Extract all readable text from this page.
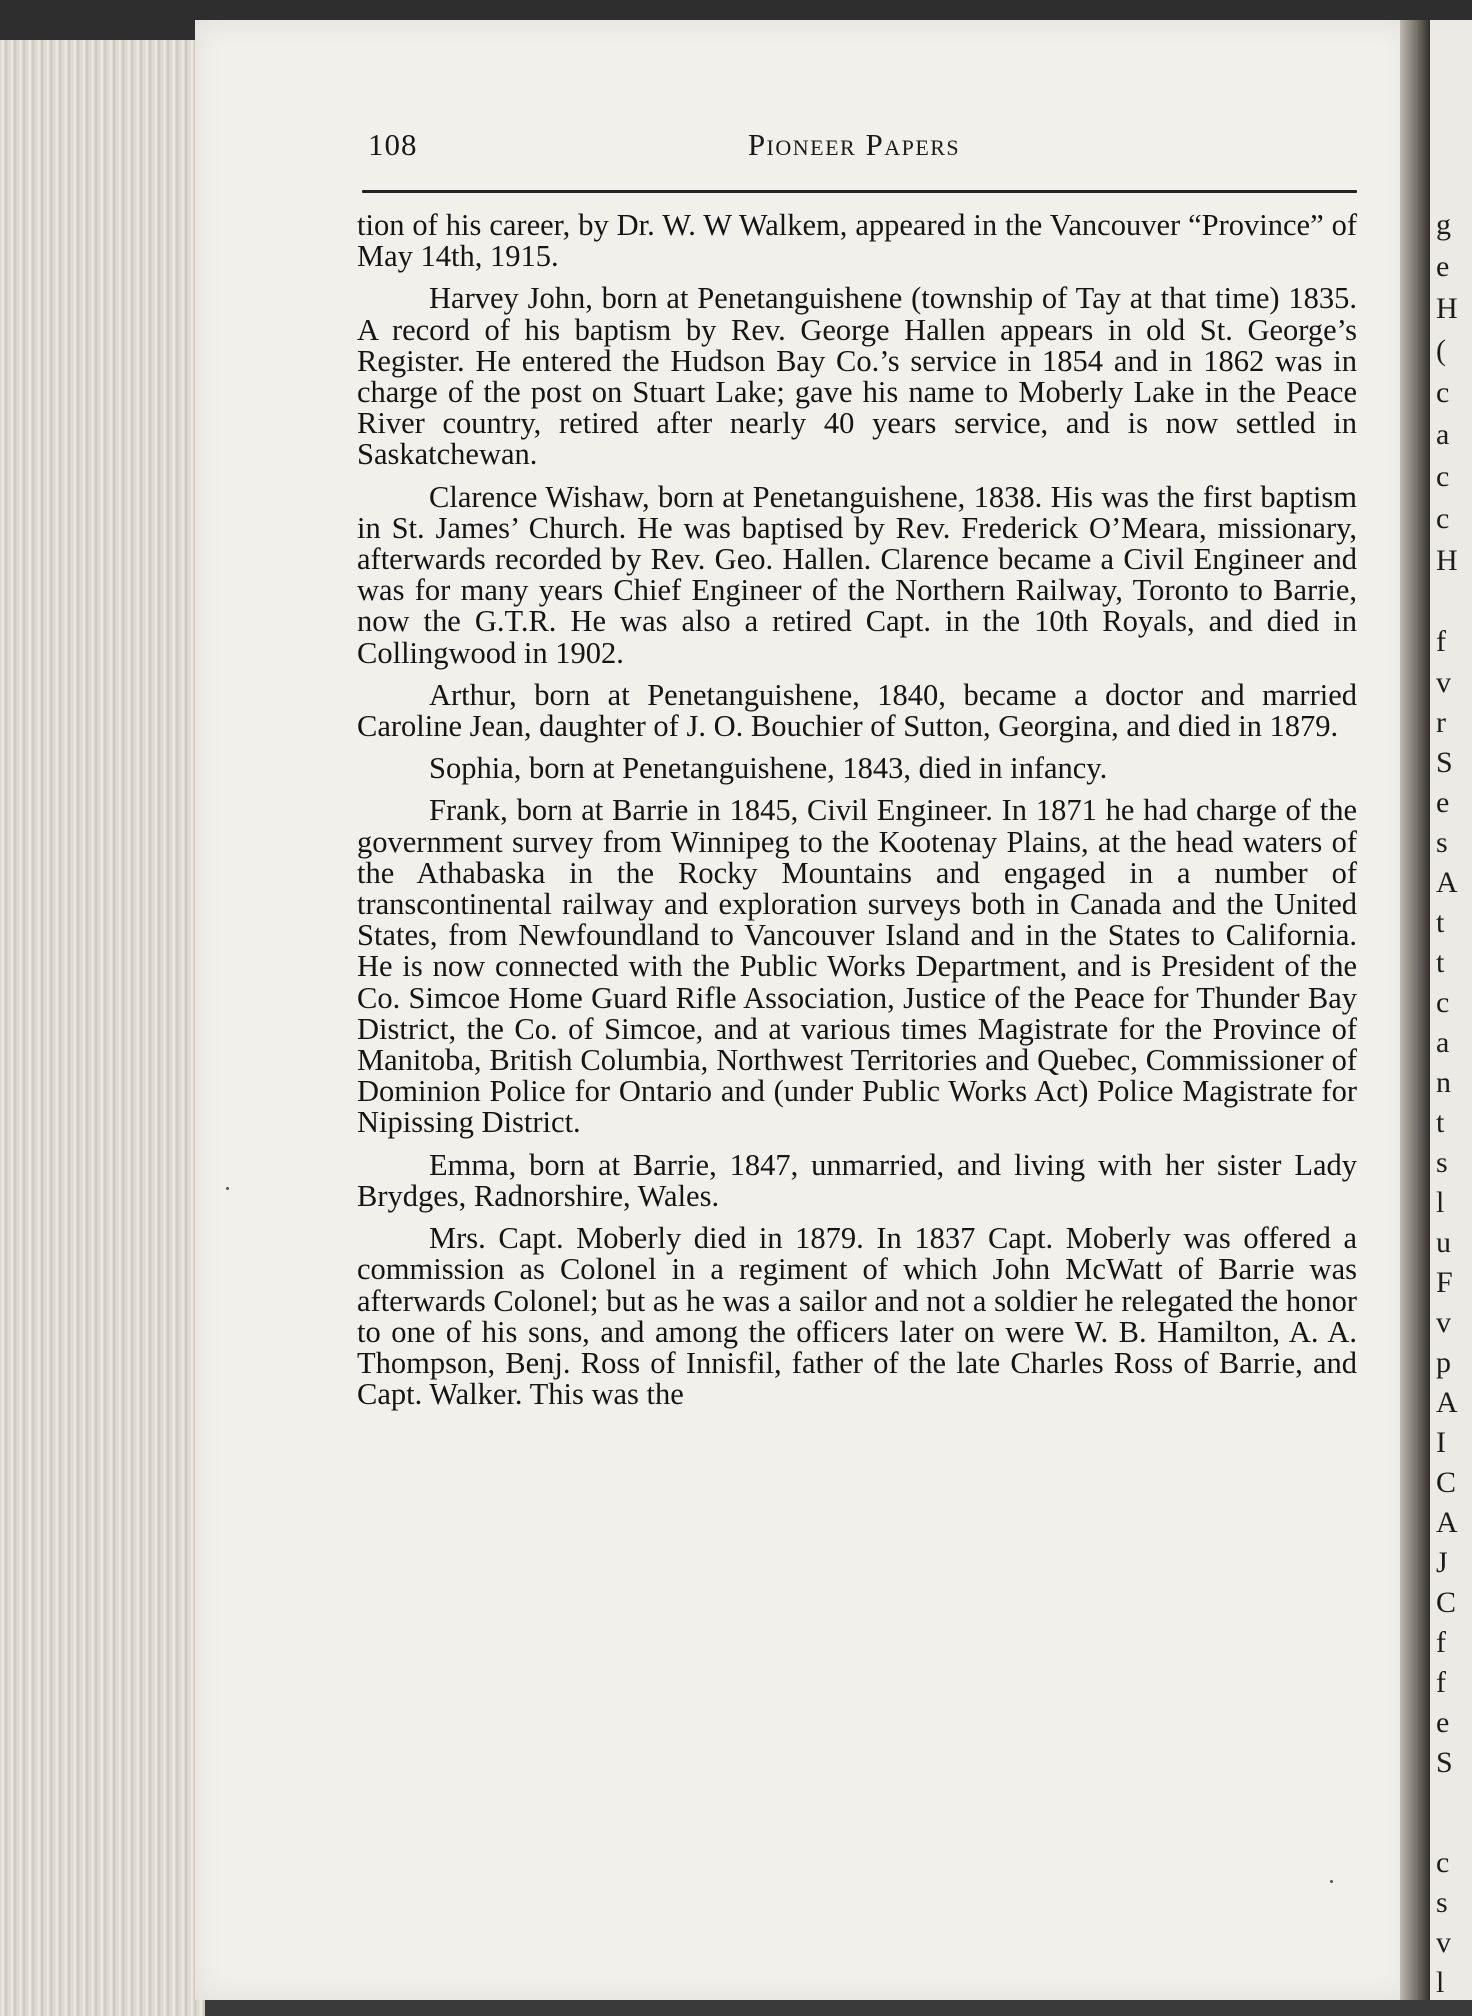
g
e
H
(
c
a
c
c
H
f
v
r
S
e
s
A
t
t
c
a
n
t
s
l
u
F
v
p
A
I
C
A
J
C
f
f
e
S
c
s
v
l
108	Pioneer Papers

tion of his career, by Dr. W. W Walkem, appeared in the Vancouver “Province” of May 14th, 1915.

Harvey John, born at Penetanguishene (township of Tay at that time) 1835. A record of his baptism by Rev. George Hallen appears in old St. George’s Register. He entered the Hudson Bay Co.’s service in 1854 and in 1862 was in charge of the post on Stuart Lake; gave his name to Moberly Lake in the Peace River country, retired after nearly 40 years service, and is now settled in Saskatchewan.

Clarence Wishaw, born at Penetanguishene, 1838. His was the first baptism in St. James’ Church. He was baptised by Rev. Frederick O’Meara, missionary, afterwards recorded by Rev. Geo. Hallen. Clarence became a Civil Engineer and was for many years Chief Engineer of the Northern Railway, Toronto to Barrie, now the G.T.R. He was also a retired Capt. in the 10th Royals, and died in Collingwood in 1902.

Arthur, born at Penetanguishene, 1840, became a doctor and married Caroline Jean, daughter of J. O. Bouchier of Sutton, Georgina, and died in 1879.

Sophia, born at Penetanguishene, 1843, died in infancy.

Frank, born at Barrie in 1845, Civil Engineer. In 1871 he had charge of the government survey from Winnipeg to the Kootenay Plains, at the head waters of the Athabaska in the Rocky Mountains and engaged in a number of transcontinental railway and exploration surveys both in Canada and the United States, from Newfoundland to Vancouver Island and in the States to California. He is now connected with the Public Works Department, and is President of the Co. Simcoe Home Guard Rifle Association, Justice of the Peace for Thunder Bay District, the Co. of Simcoe, and at various times Magistrate for the Province of Manitoba, British Columbia, Northwest Territories and Quebec, Commissioner of Dominion Police for Ontario and (under Public Works Act) Police Magistrate for Nipissing District.

Emma, born at Barrie, 1847, unmarried, and living with her sister Lady Brydges, Radnorshire, Wales.

Mrs. Capt. Moberly died in 1879. In 1837 Capt. Moberly was offered a commission as Colonel in a regiment of which John McWatt of Barrie was afterwards Colonel; but as he was a sailor and not a soldier he relegated the honor to one of his sons, and among the officers later on were W. B. Hamilton, A. A. Thompson, Benj. Ross of Innisfil, father of the late Charles Ross of Barrie, and Capt. Walker. This was the
